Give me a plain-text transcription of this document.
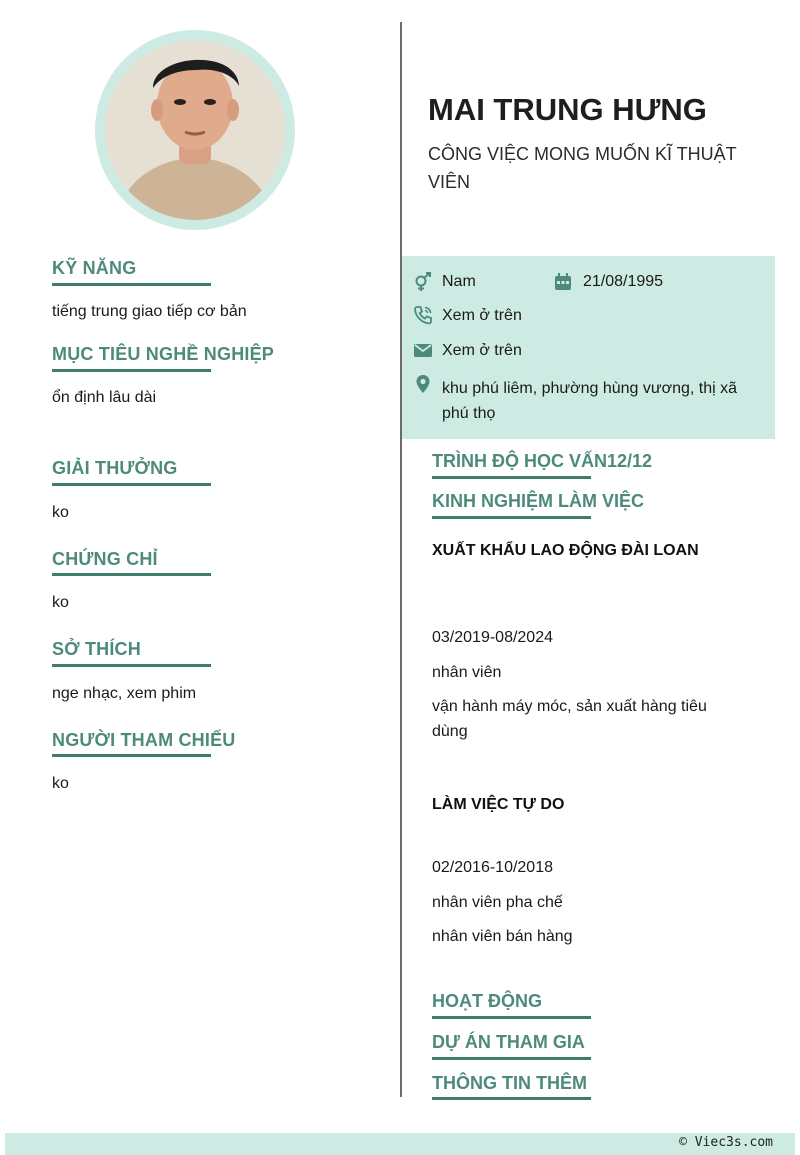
KỸ NĂNG
tiếng trung giao tiếp cơ bản
MỤC TIÊU NGHỀ NGHIỆP
ổn định lâu dài
GIẢI THƯỞNG
ko
CHỨNG CHỈ
ko
SỞ THÍCH
nge nhạc, xem phim
NGƯỜI THAM CHIẾU
ko
MAI TRUNG HƯNG
CÔNG VIỆC MONG MUỐN KĨ THUẬT VIÊN
Nam	21/08/1995
Xem ở trên
Xem ở trên
khu phú liêm, phường hùng vương, thị xã phú thọ
TRÌNH ĐỘ HỌC VẤN12/12
KINH NGHIỆM LÀM VIỆC
XUẤT KHẨU LAO ĐỘNG ĐÀI LOAN
03/2019-08/2024
nhân viên
vận hành máy móc, sản xuất hàng tiêu dùng
LÀM VIỆC TỰ DO
02/2016-10/2018
nhân viên pha chế
nhân viên bán hàng
HOẠT ĐỘNG
DỰ ÁN THAM GIA
THÔNG TIN THÊM
© Viec3s.com
